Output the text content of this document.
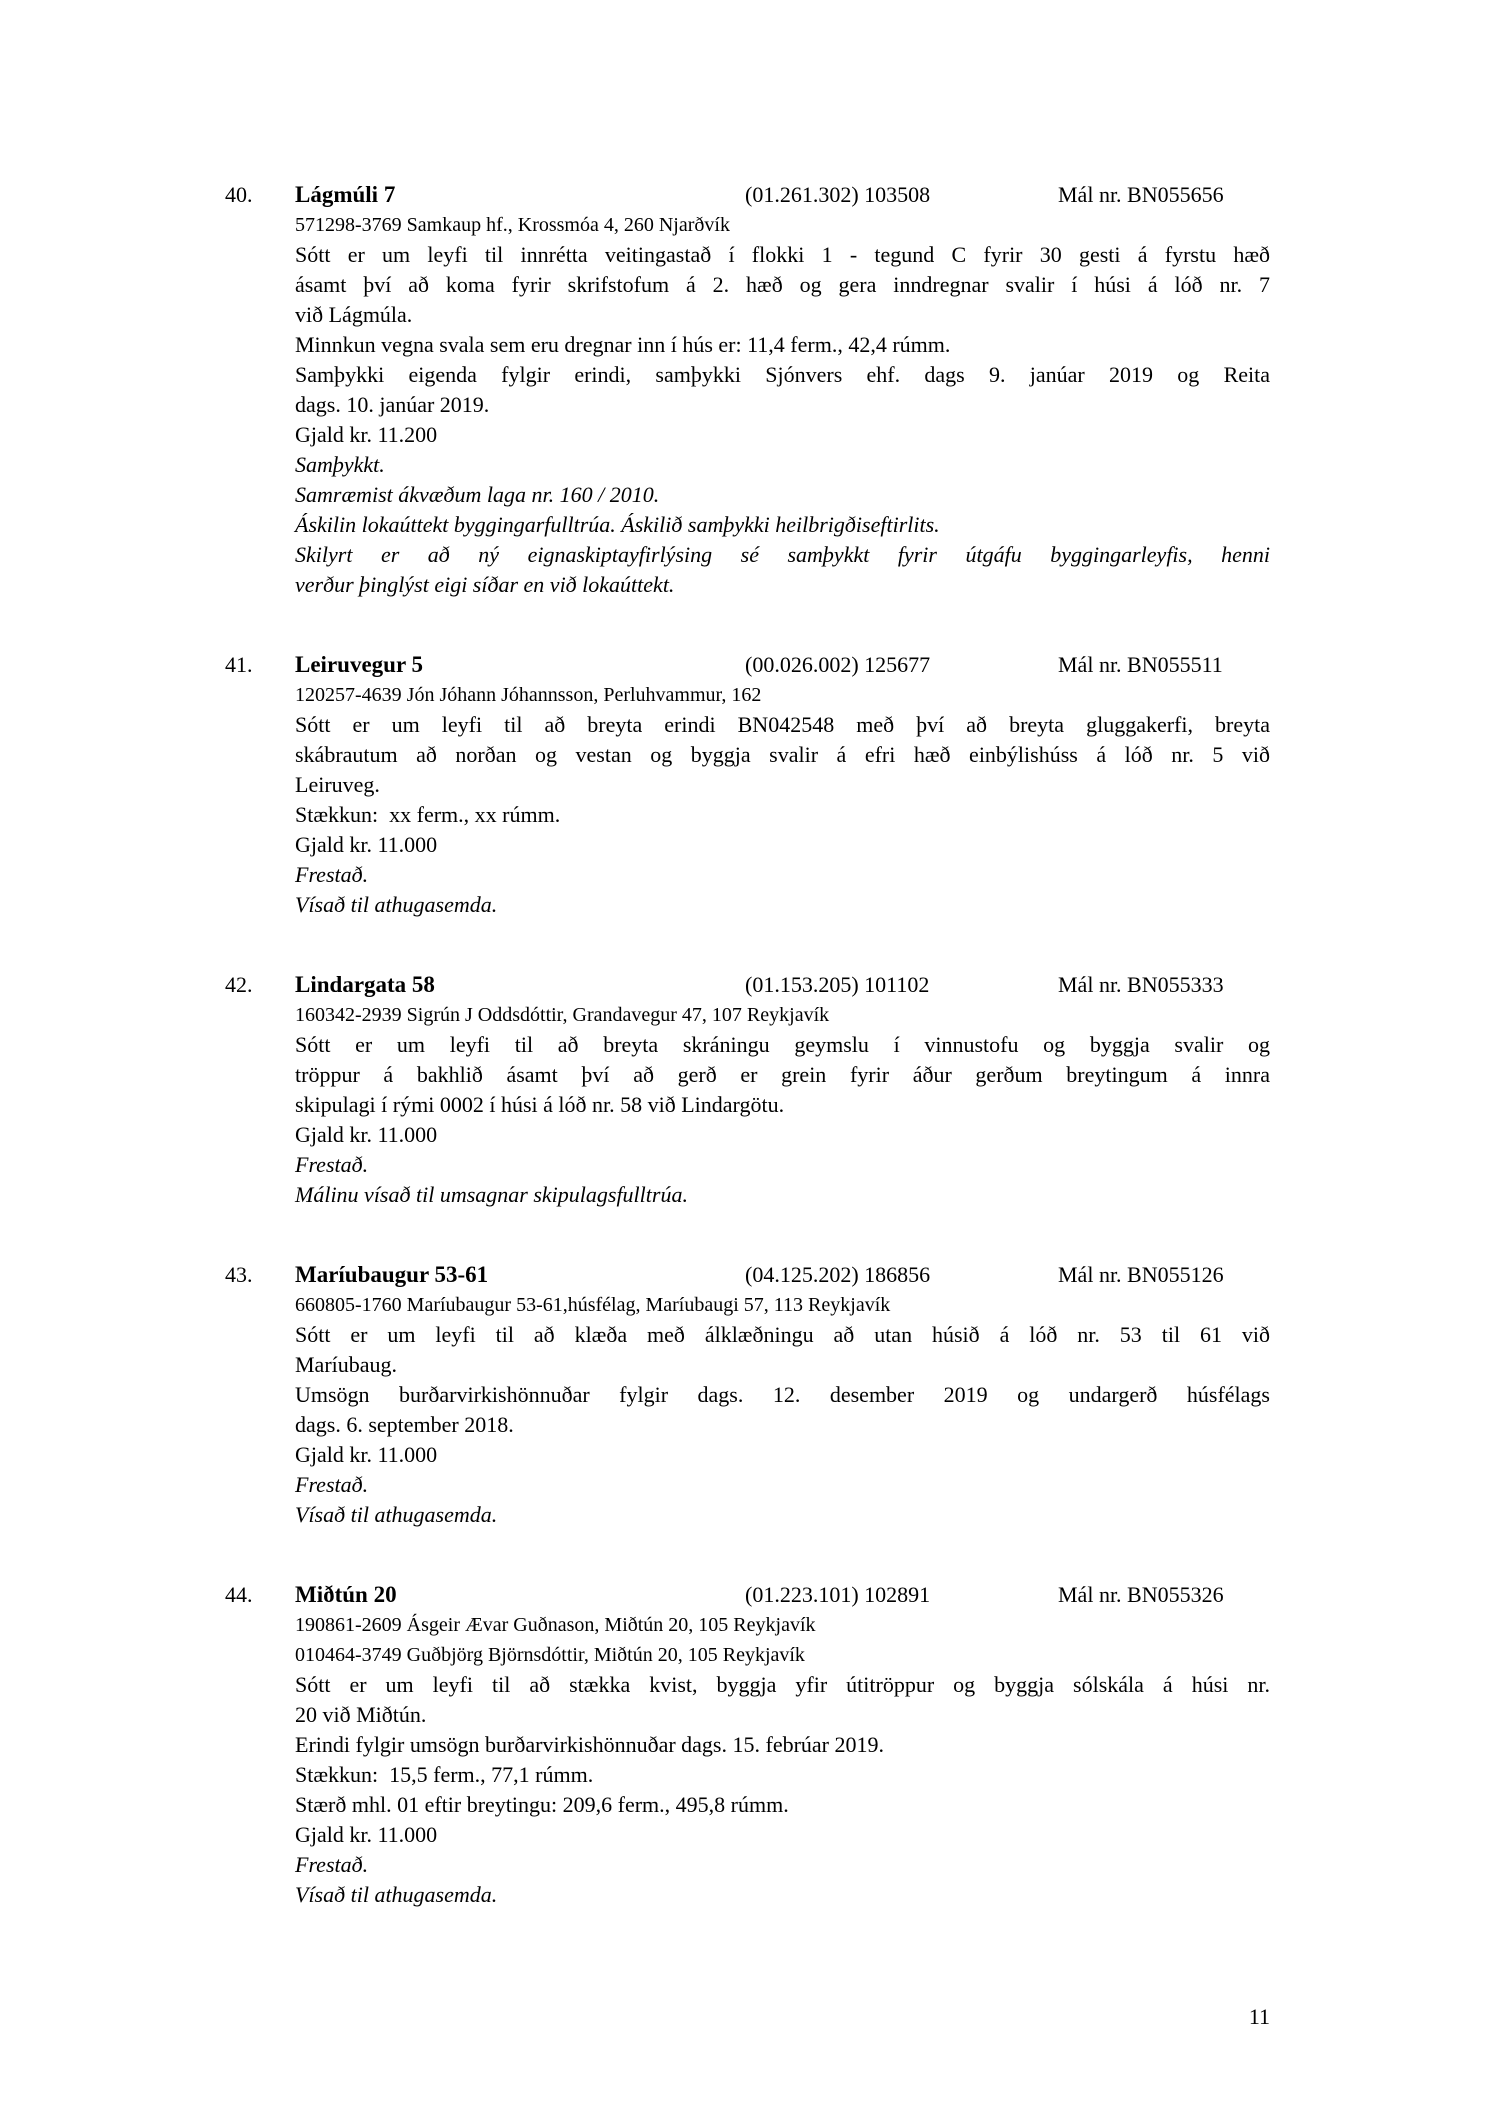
40. Lágmúli 7	(01.261.302) 103508	Mál nr. BN055656
571298-3769 Samkaup hf., Krossmóa 4, 260 Njarðvík
Sótt er um leyfi til innrétta veitingastað í flokki 1 - tegund C fyrir 30 gesti á fyrstu hæð
ásamt því að koma fyrir skrifstofum á 2. hæð og gera inndregnar svalir í húsi á lóð nr. 7
við Lágmúla.
Minnkun vegna svala sem eru dregnar inn í hús er: 11,4 ferm., 42,4 rúmm.
Samþykki eigenda fylgir erindi, samþykki Sjónvers ehf. dags 9. janúar 2019 og Reita
dags. 10. janúar 2019.
Gjald kr. 11.200
Samþykkt.
Samræmist ákvæðum laga nr. 160 / 2010.
Áskilin lokaúttekt byggingarfulltrúa. Áskilið samþykki heilbrigðiseftirlits.
Skilyrt er að ný eignaskiptayfirlýsing sé samþykkt fyrir útgáfu byggingarleyfis, henni
verður þinglýst eigi síðar en við lokaúttekt.
41. Leiruvegur 5	(00.026.002) 125677	Mál nr. BN055511
120257-4639 Jón Jóhann Jóhannsson, Perluhvammur, 162
Sótt er um leyfi til að breyta erindi BN042548 með því að breyta gluggakerfi, breyta
skábrautum að norðan og vestan og byggja svalir á efri hæð einbýlishúss á lóð nr. 5 við
Leiruveg.
Stækkun:  xx ferm., xx rúmm.
Gjald kr. 11.000
Frestað.
Vísað til athugasemda.
42. Lindargata 58	(01.153.205) 101102	Mál nr. BN055333
160342-2939 Sigrún J Oddsdóttir, Grandavegur 47, 107 Reykjavík
Sótt er um leyfi til að breyta skráningu geymslu í vinnustofu og byggja svalir og
tröppur á bakhlið ásamt því að gerð er grein fyrir áður gerðum breytingum á innra
skipulagi í rými 0002 í húsi á lóð nr. 58 við Lindargötu.
Gjald kr. 11.000
Frestað.
Málinu vísað til umsagnar skipulagsfulltrúa.
43. Maríubaugur 53-61	(04.125.202) 186856	Mál nr. BN055126
660805-1760 Maríubaugur 53-61,húsfélag, Maríubaugi 57, 113 Reykjavík
Sótt er um leyfi til að klæða með álklæðningu að utan húsið á lóð nr. 53 til 61 við
Maríubaug.
Umsögn burðarvirkishönnuðar fylgir dags. 12. desember 2019 og undargerð húsfélags
dags. 6. september 2018.
Gjald kr. 11.000
Frestað.
Vísað til athugasemda.
44. Miðtún 20	(01.223.101) 102891	Mál nr. BN055326
190861-2609 Ásgeir Ævar Guðnason, Miðtún 20, 105 Reykjavík
010464-3749 Guðbjörg Björnsdóttir, Miðtún 20, 105 Reykjavík
Sótt er um leyfi til að stækka kvist, byggja yfir útitröppur og byggja sólskála á húsi nr.
20 við Miðtún.
Erindi fylgir umsögn burðarvirkishönnuðar dags. 15. febrúar 2019.
Stækkun:  15,5 ferm., 77,1 rúmm.
Stærð mhl. 01 eftir breytingu: 209,6 ferm., 495,8 rúmm.
Gjald kr. 11.000
Frestað.
Vísað til athugasemda.
11
